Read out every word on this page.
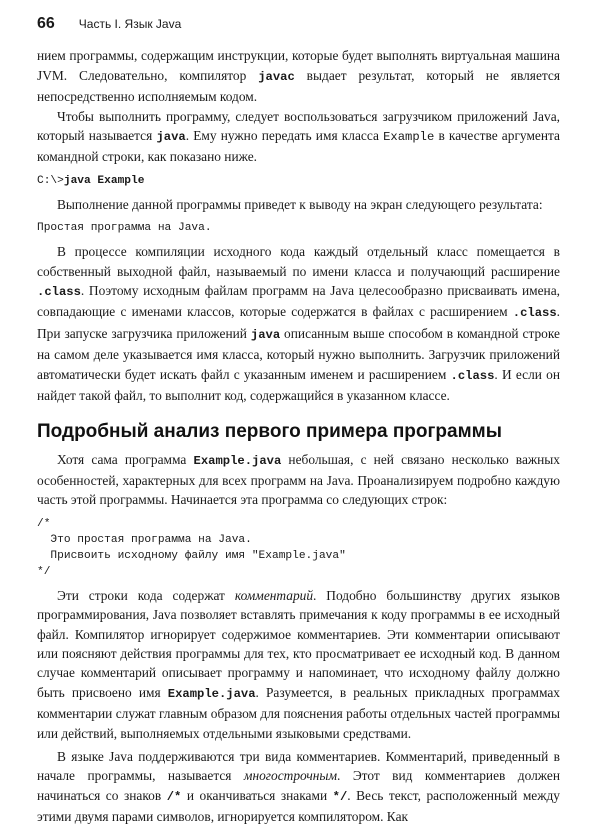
66 Часть I. Язык Java

нием программы, содержащим инструкции, которые будет выполнять виртуальная машина JVM. Следовательно, компилятор javac выдает результат, который не является непосредственно исполняемым кодом.

Чтобы выполнить программу, следует воспользоваться загрузчиком приложений Java, который называется java. Ему нужно передать имя класса Example в качестве аргумента командной строки, как показано ниже.

C:\>java Example

Выполнение данной программы приведет к выводу на экран следующего результата:

Простая программа на Java.

В процессе компиляции исходного кода каждый отдельный класс помещается в собственный выходной файл, называемый по имени класса и получающий расширение .class. Поэтому исходным файлам программ на Java целесообразно присваивать имена, совпадающие с именами классов, которые содержатся в файлах с расширением .class. При запуске загрузчика приложений java описанным выше способом в командной строке на самом деле указывается имя класса, который нужно выполнить. Загрузчик приложений автоматически будет искать файл с указанным именем и расширением .class. И если он найдет такой файл, то выполнит код, содержащийся в указанном классе.

Подробный анализ первого примера программы

Хотя сама программа Example.java небольшая, с ней связано несколько важных особенностей, характерных для всех программ на Java. Проанализируем подробно каждую часть этой программы. Начинается эта программа со следующих строк:

/*
Это простая программа на Java.
Присвоить исходному файлу имя "Example.java"
*/

Эти строки кода содержат комментарий. Подобно большинству других языков программирования, Java позволяет вставлять примечания к коду программы в ее исходный файл. Компилятор игнорирует содержимое комментариев. Эти комментарии описывают или поясняют действия программы для тех, кто просматривает ее исходный код. В данном случае комментарий описывает программу и напоминает, что исходному файлу должно быть присвоено имя Example.java. Разумеется, в реальных прикладных программах комментарии служат главным образом для пояснения работы отдельных частей программы или действий, выполняемых отдельными языковыми средствами.

В языке Java поддерживаются три вида комментариев. Комментарий, приведенный в начале программы, называется многострочным. Этот вид комментариев должен начинаться со знаков /* и оканчиваться знаками */. Весь текст, расположенный между этими двумя парами символов, игнорируется компилятором. Как
